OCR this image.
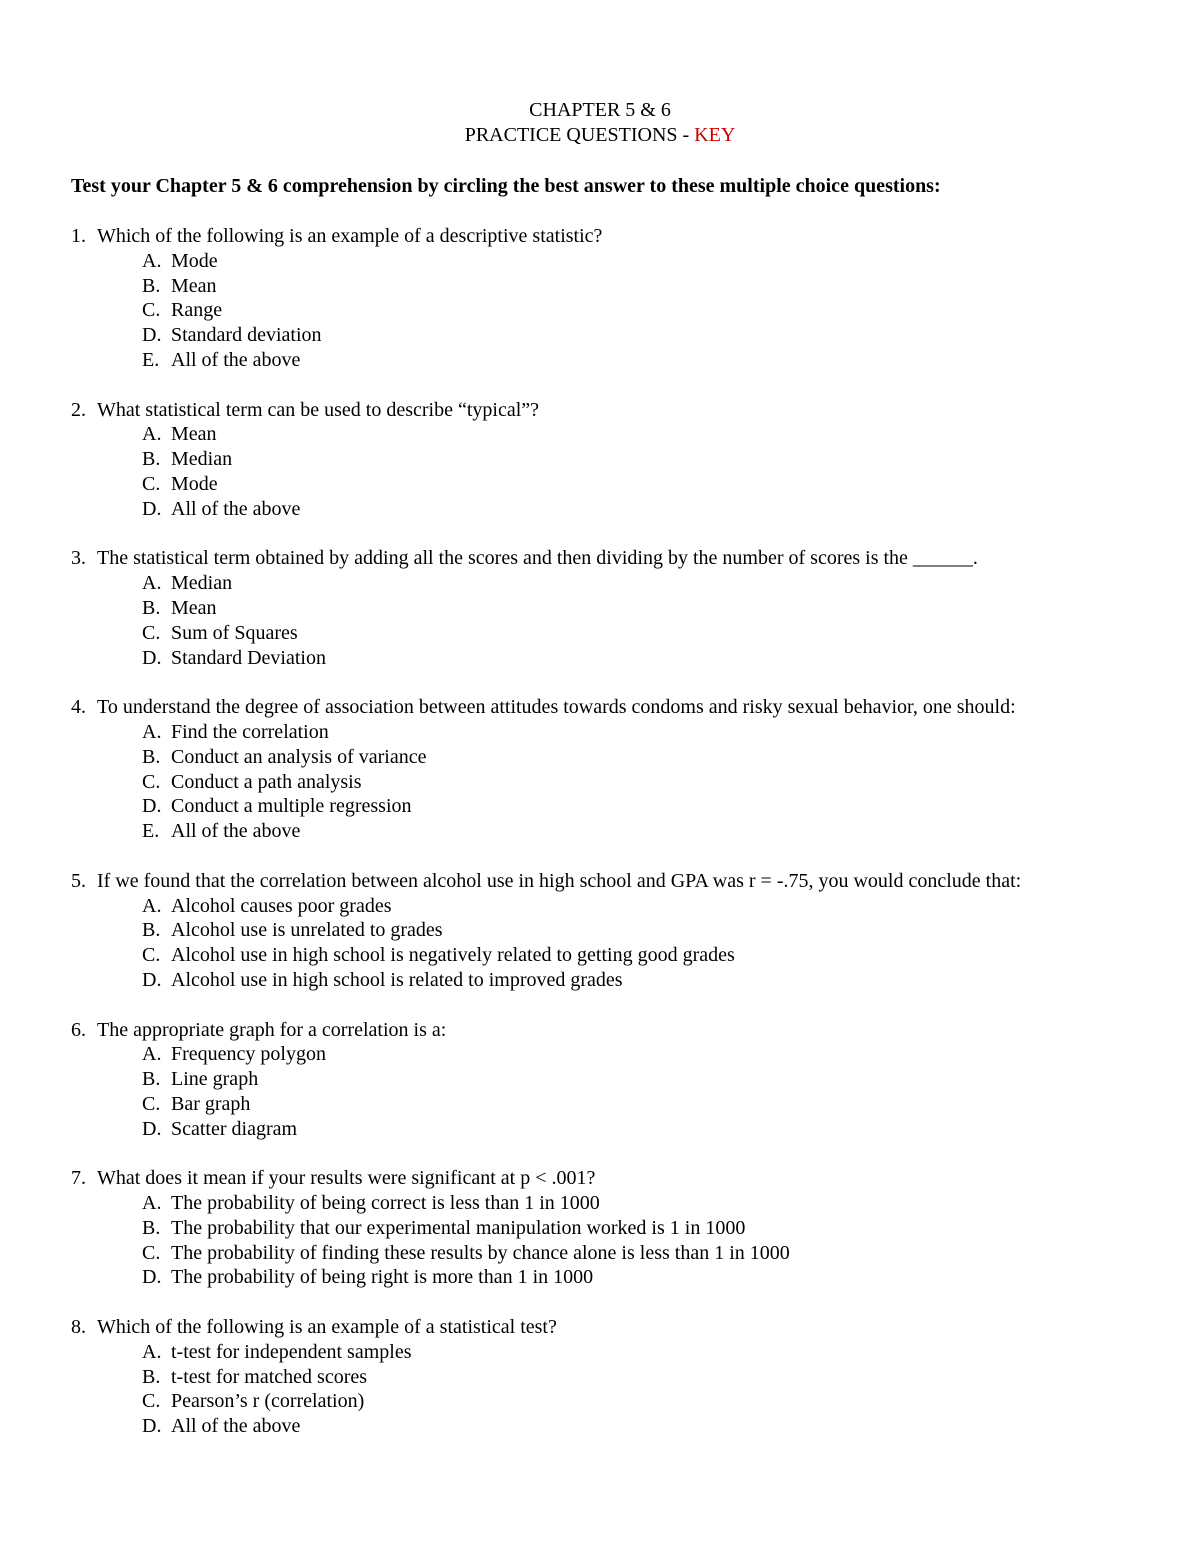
CHAPTER 5 & 6
PRACTICE QUESTIONS - KEY
Test your Chapter 5 & 6 comprehension by circling the best answer to these multiple choice questions:
1. Which of the following is an example of a descriptive statistic?
A. Mode
B. Mean
C. Range
D. Standard deviation
E. All of the above
2. What statistical term can be used to describe “typical”?
A. Mean
B. Median
C. Mode
D. All of the above
3. The statistical term obtained by adding all the scores and then dividing by the number of scores is the ______.
A. Median
B. Mean
C. Sum of Squares
D. Standard Deviation
4. To understand the degree of association between attitudes towards condoms and risky sexual behavior, one should:
A. Find the correlation
B. Conduct an analysis of variance
C. Conduct a path analysis
D. Conduct a multiple regression
E. All of the above
5. If we found that the correlation between alcohol use in high school and GPA was r = -.75, you would conclude that:
A. Alcohol causes poor grades
B. Alcohol use is unrelated to grades
C. Alcohol use in high school is negatively related to getting good grades
D. Alcohol use in high school is related to improved grades
6. The appropriate graph for a correlation is a:
A. Frequency polygon
B. Line graph
C. Bar graph
D. Scatter diagram
7. What does it mean if your results were significant at p < .001?
A. The probability of being correct is less than 1 in 1000
B. The probability that our experimental manipulation worked is 1 in 1000
C. The probability of finding these results by chance alone is less than 1 in 1000
D. The probability of being right is more than 1 in 1000
8. Which of the following is an example of a statistical test?
A. t-test for independent samples
B. t-test for matched scores
C. Pearson’s r (correlation)
D. All of the above
